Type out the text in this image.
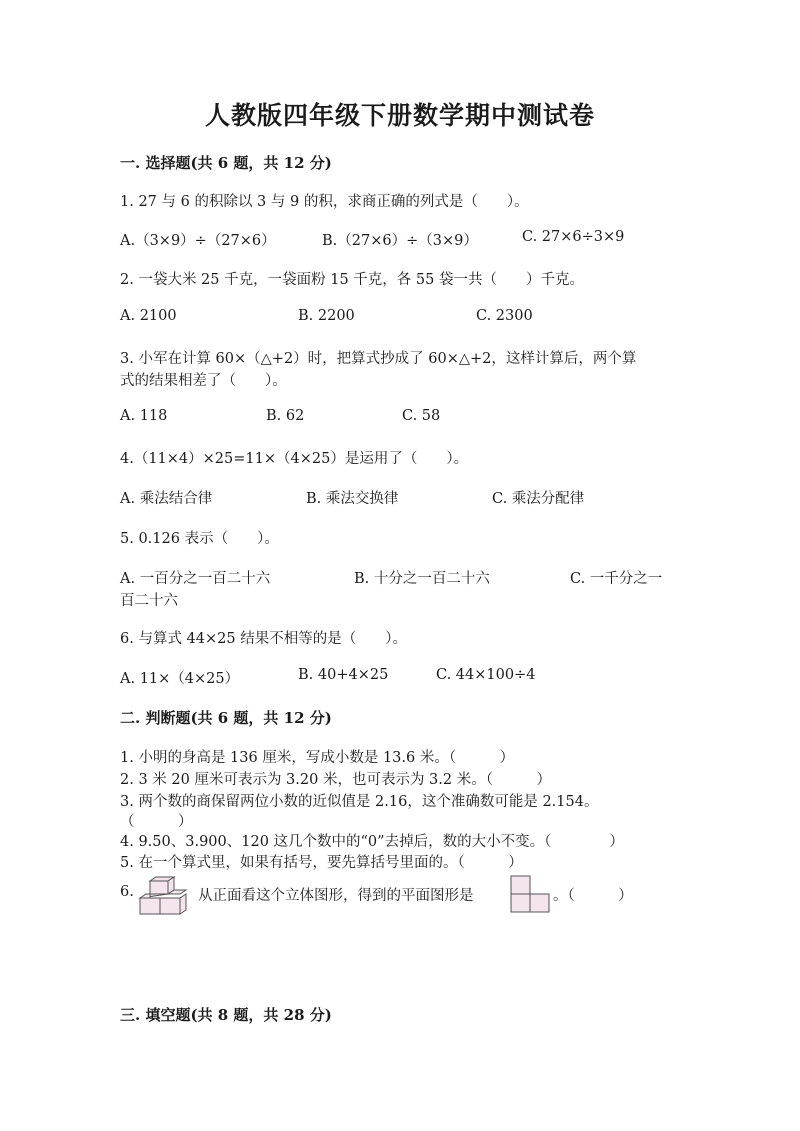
人教版四年级下册数学期中测试卷
一. 选择题(共 6 题，共 12 分)
1. 27 与 6 的积除以 3 与 9 的积，求商正确的列式是（　　）。
A.（3×9）÷（27×6）	B.（27×6）÷（3×9）	C. 27×6÷3×9
2. 一袋大米 25 千克，一袋面粉 15 千克，各 55 袋一共（　　）千克。
A. 2100	B. 2200	C. 2300
3. 小军在计算 60×（△+2）时，把算式抄成了 60×△+2，这样计算后，两个算
式的结果相差了（　　）。
A. 118	B. 62	C. 58
4.（11×4）×25=11×（4×25）是运用了（　　）。
A. 乘法结合律	B. 乘法交换律	C. 乘法分配律
5. 0.126 表示（　　）。
A. 一百分之一百二十六	B. 十分之一百二十六	C. 一千分之一
百二十六
6. 与算式 44×25 结果不相等的是（　　）。
A. 11×（4×25）	B. 40+4×25	C. 44×100÷4
二. 判断题(共 6 题，共 12 分)
1. 小明的身高是 136 厘米，写成小数是 13.6 米。（　　　）
2. 3 米 20 厘米可表示为 3.20 米，也可表示为 3.2 米。（　　　）
3. 两个数的商保留两位小数的近似值是 2.16，这个准确数可能是 2.154。
（　　　）
4. 9.50、3.900、120 这几个数中的“0”去掉后，数的大小不变。（　　　　）
5. 在一个算式里，如果有括号，要先算括号里面的。（　　　）
6.	从正面看这个立体图形，得到的平面图形是	。（　　　）
三. 填空题(共 8 题，共 28 分)
